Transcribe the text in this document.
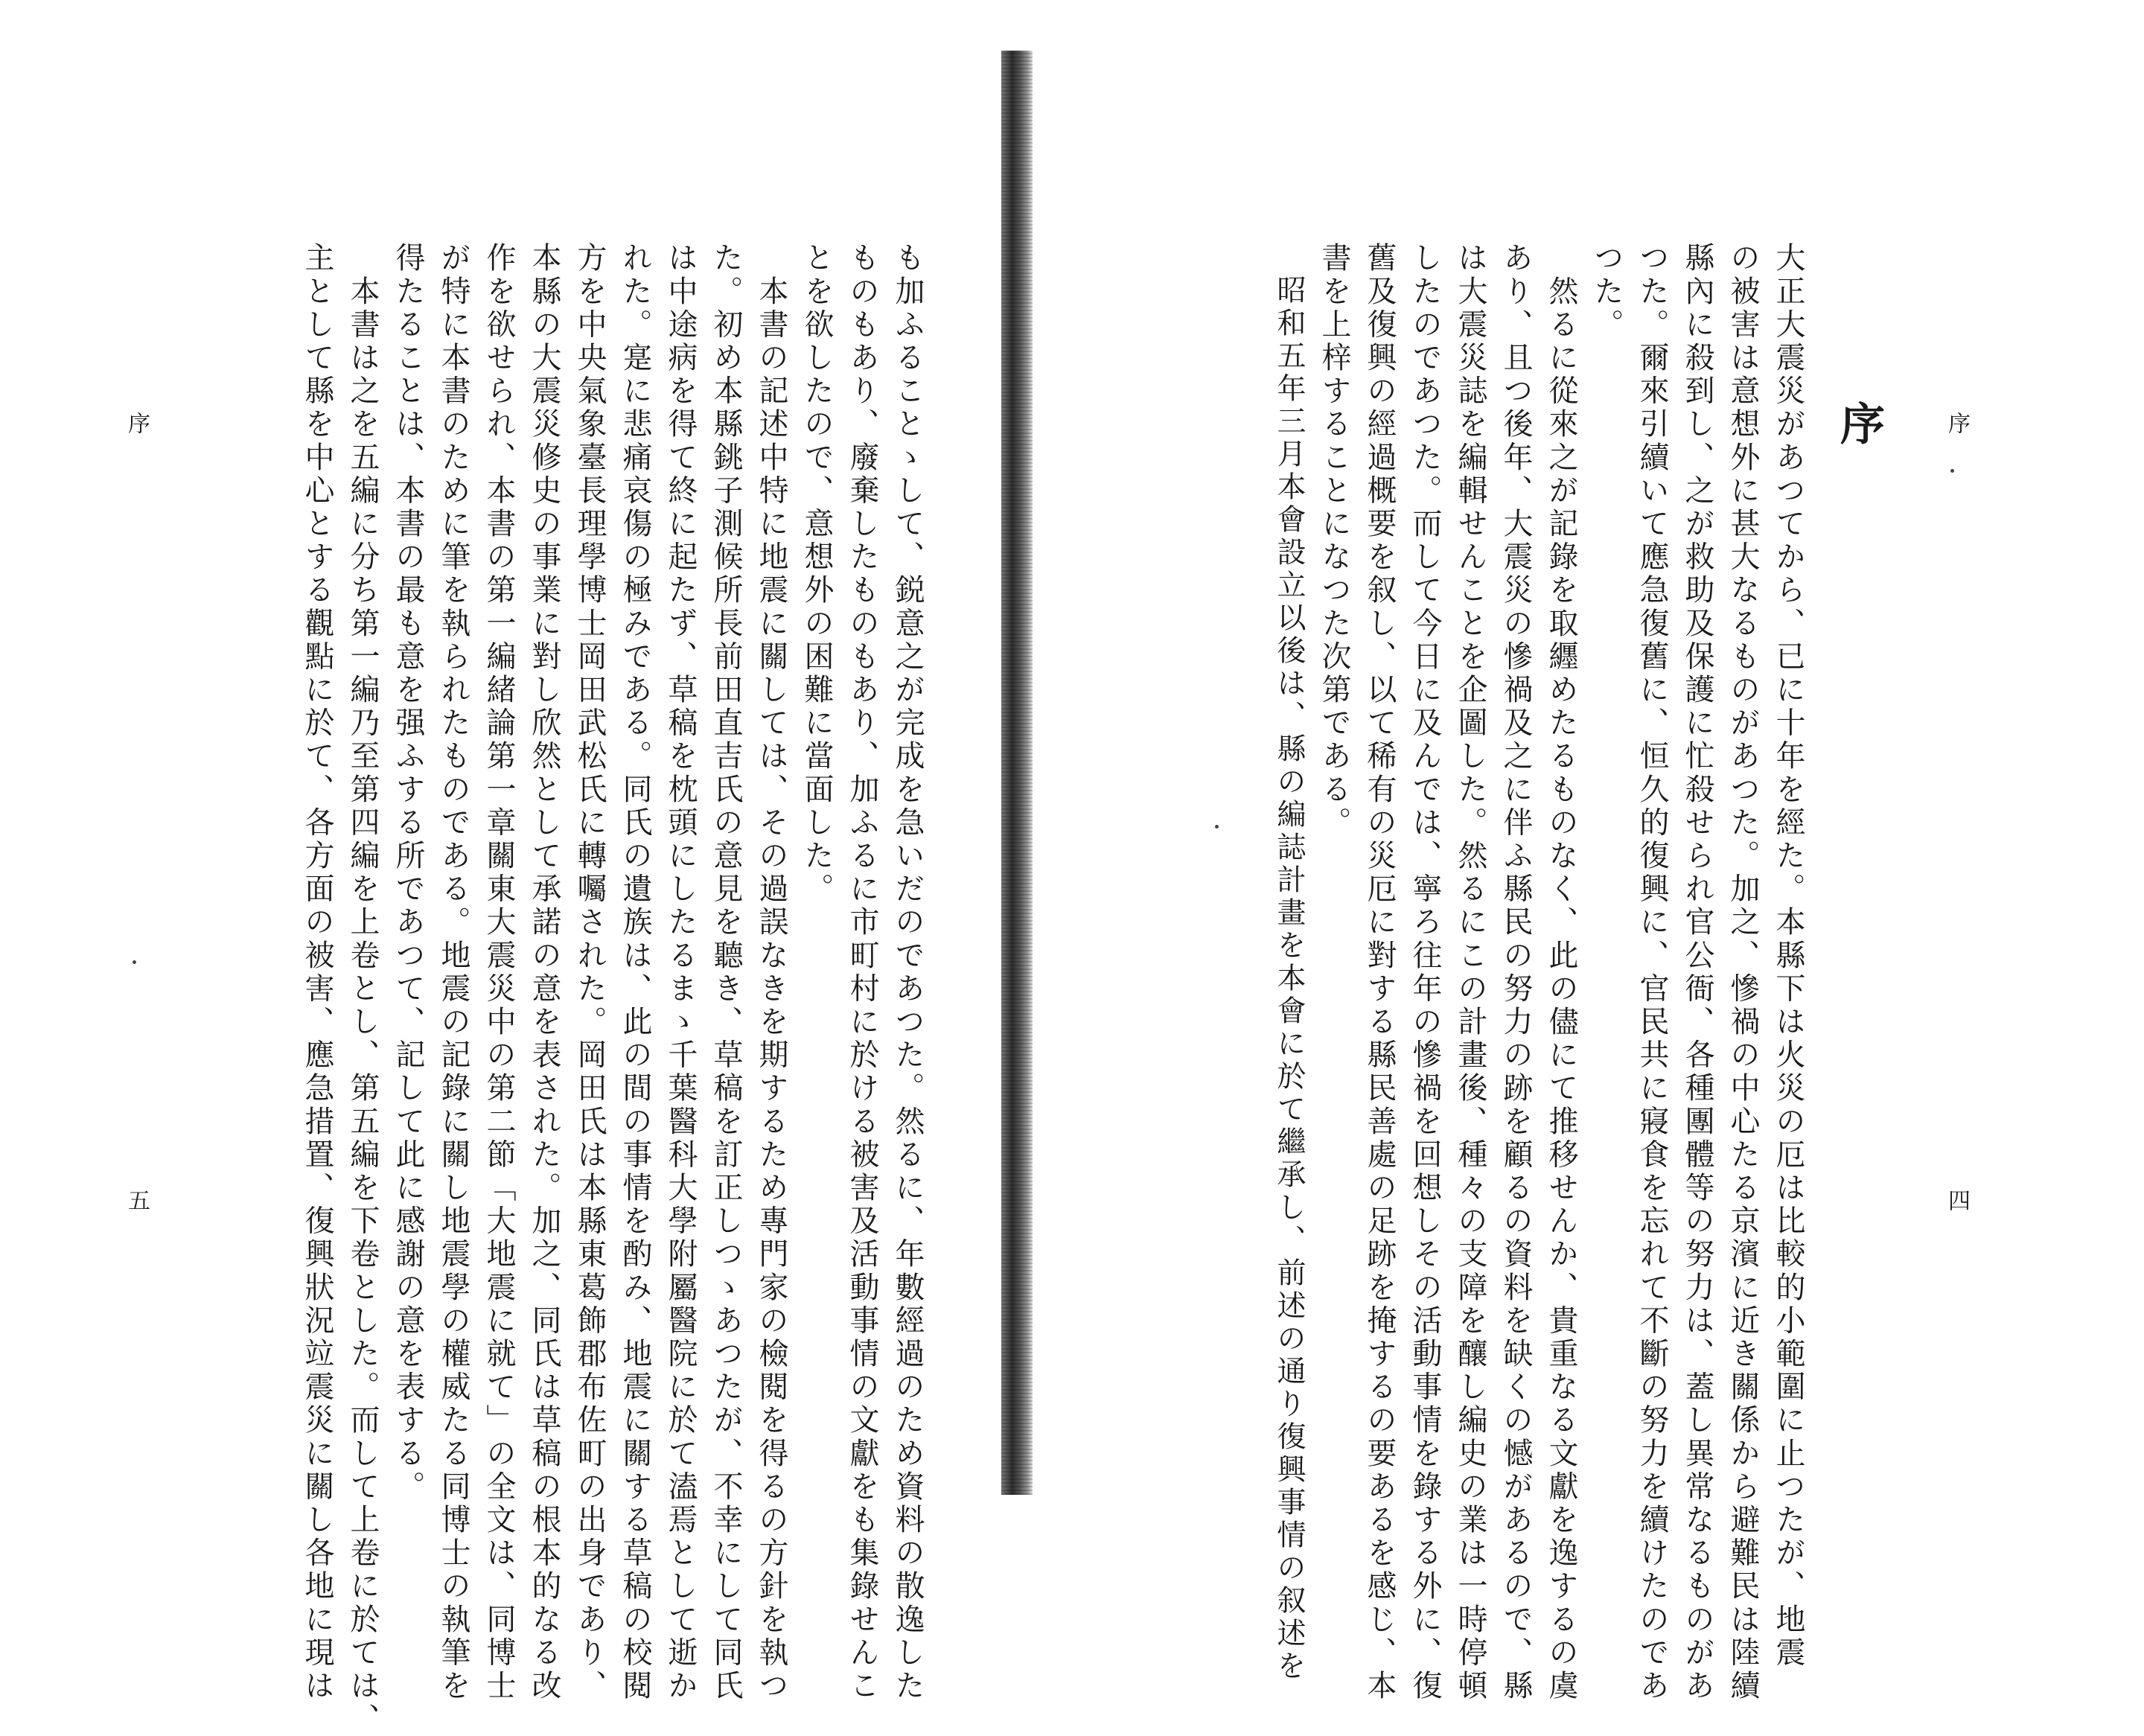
序
四
序
大正大震災があつてから、已に十年を經た。本縣下は火災の厄は比較的小範圍に止つたが、地震
の被害は意想外に甚大なるものがあつた。加之、慘禍の中心たる京濱に近き關係から避難民は陸續
縣內に殺到し、之が救助及保護に忙殺せられ官公衙、各種團體等の努力は、蓋し異常なるものがあ
つた。爾來引續いて應急復舊に、恒久的復興に、官民共に寢食を忘れて不斷の努力を續けたのであ
つた。
　然るに從來之が記錄を取纒めたるものなく、此の儘にて推移せんか、貴重なる文獻を逸するの虞
あり、且つ後年、大震災の慘禍及之に伴ふ縣民の努力の跡を顧るの資料を缺くの憾があるので、縣
は大震災誌を編輯せんことを企圖した。然るにこの計畫後、種々の支障を釀し編史の業は一時停頓
したのであつた。而して今日に及んでは、寧ろ往年の慘禍を回想しその活動事情を錄する外に、復
舊及復興の經過概要を叙し、以て稀有の災厄に對する縣民善處の足跡を掩するの要あるを感じ、本
書を上梓することになつた次第である。
　昭和五年三月本會設立以後は、縣の編誌計畫を本會に於て繼承し、前述の通り復興事情の叙述を
序
五	も加ふることゝして、鋭意之が完成を急いだのであつた。然るに、年數經過のため資料の散逸した
ものもあり、廢棄したものもあり、加ふるに市町村に於ける被害及活動事情の文獻をも集錄せんこ
とを欲したので、意想外の困難に當面した。
　本書の記述中特に地震に關しては、その過誤なきを期するため專門家の檢閱を得るの方針を執つ
た。初め本縣銚子測候所長前田直吉氏の意見を聽き、草稿を訂正しつゝあつたが、不幸にして同氏
は中途病を得て終に起たず、草稿を枕頭にしたるまゝ千葉醫科大學附屬醫院に於て溘焉として逝か
れた。寔に悲痛哀傷の極みである。同氏の遺族は、此の間の事情を酌み、地震に關する草稿の校閱
方を中央氣象臺長理學博士岡田武松氏に轉囑された。岡田氏は本縣東葛飾郡布佐町の出身であり、
本縣の大震災修史の事業に對し欣然として承諾の意を表された。加之、同氏は草稿の根本的なる改
作を欲せられ、本書の第一編緒論第一章關東大震災中の第二節「大地震に就て」の全文は、同博士
が特に本書のために筆を執られたものである。地震の記錄に關し地震學の權威たる同博士の執筆を
得たることは、本書の最も意を强ふする所であつて、記して此に感謝の意を表する。
　本書は之を五編に分ち第一編乃至第四編を上卷とし、第五編を下卷とした。而して上卷に於ては、
主として縣を中心とする觀點に於て、各方面の被害、應急措置、復興狀況竝震災に關し各地に現は
